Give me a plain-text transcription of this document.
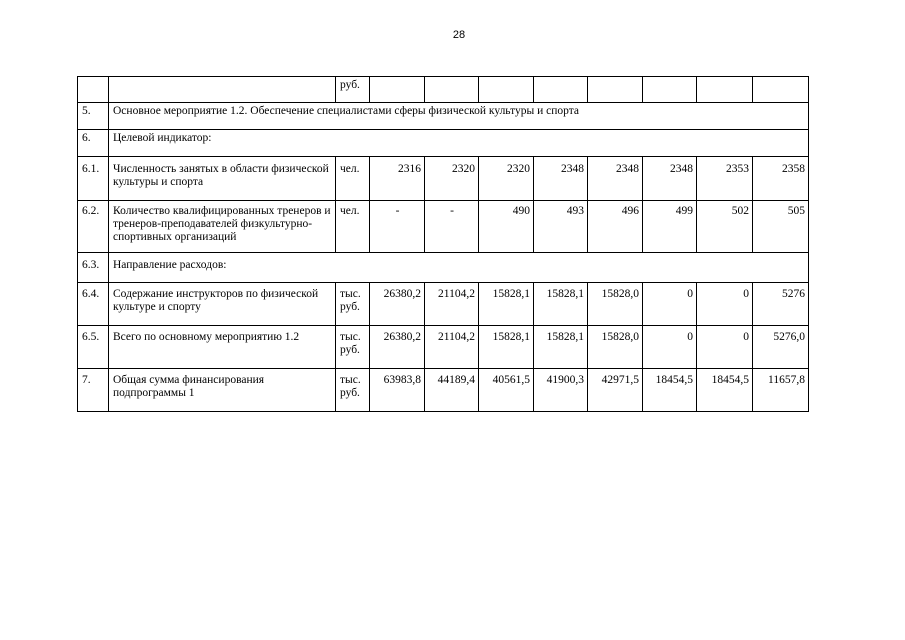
28
		руб.								
5.	Основное мероприятие 1.2. Обеспечение специалистами сферы физической культуры и спорта									
6.	Целевой индикатор:									
6.1.	Численность занятых в области физической культуры и спорта	чел.	2316	2320	2320	2348	2348	2348	2353	2358
6.2.	Количество квалифицированных тренеров и тренеров-преподавателей физкультурно-спортивных организаций	чел.	-	-	490	493	496	499	502	505
6.3.	Направление расходов:									
6.4.	Содержание инструкторов по физической культуре и спорту	тыс. руб.	26380,2	21104,2	15828,1	15828,1	15828,0	0	0	5276
6.5.	Всего по основному мероприятию 1.2	тыс. руб.	26380,2	21104,2	15828,1	15828,1	15828,0	0	0	5276,0
7.	Общая сумма финансирования подпрограммы 1	тыс. руб.	63983,8	44189,4	40561,5	41900,3	42971,5	18454,5	18454,5	11657,8
